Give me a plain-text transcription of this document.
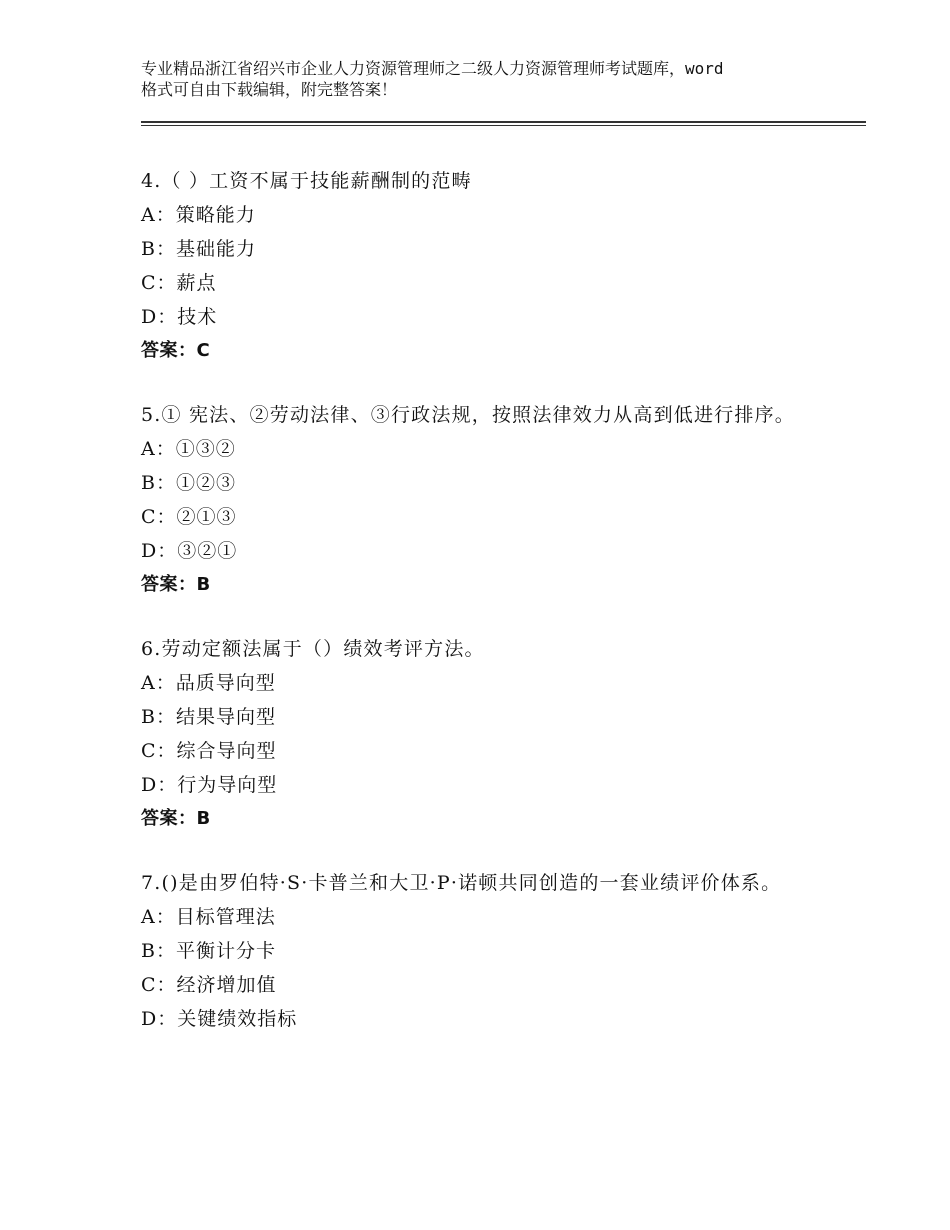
专业精品浙江省绍兴市企业人力资源管理师之二级人力资源管理师考试题库，word
格式可自由下载编辑，附完整答案！
4.（ ）工资不属于技能薪酬制的范畴
A：策略能力
B：基础能力
C：薪点
D：技术
答案：C
5.① 宪法、②劳动法律、③行政法规，按照法律效力从高到低进行排序。
A：①③②
B：①②③
C：②①③
D：③②①
答案：B
6.劳动定额法属于（）绩效考评方法。
A：品质导向型
B：结果导向型
C：综合导向型
D：行为导向型
答案：B
7.()是由罗伯特·S·卡普兰和大卫·P·诺顿共同创造的一套业绩评价体系。
A：目标管理法
B：平衡计分卡
C：经济增加值
D：关键绩效指标
